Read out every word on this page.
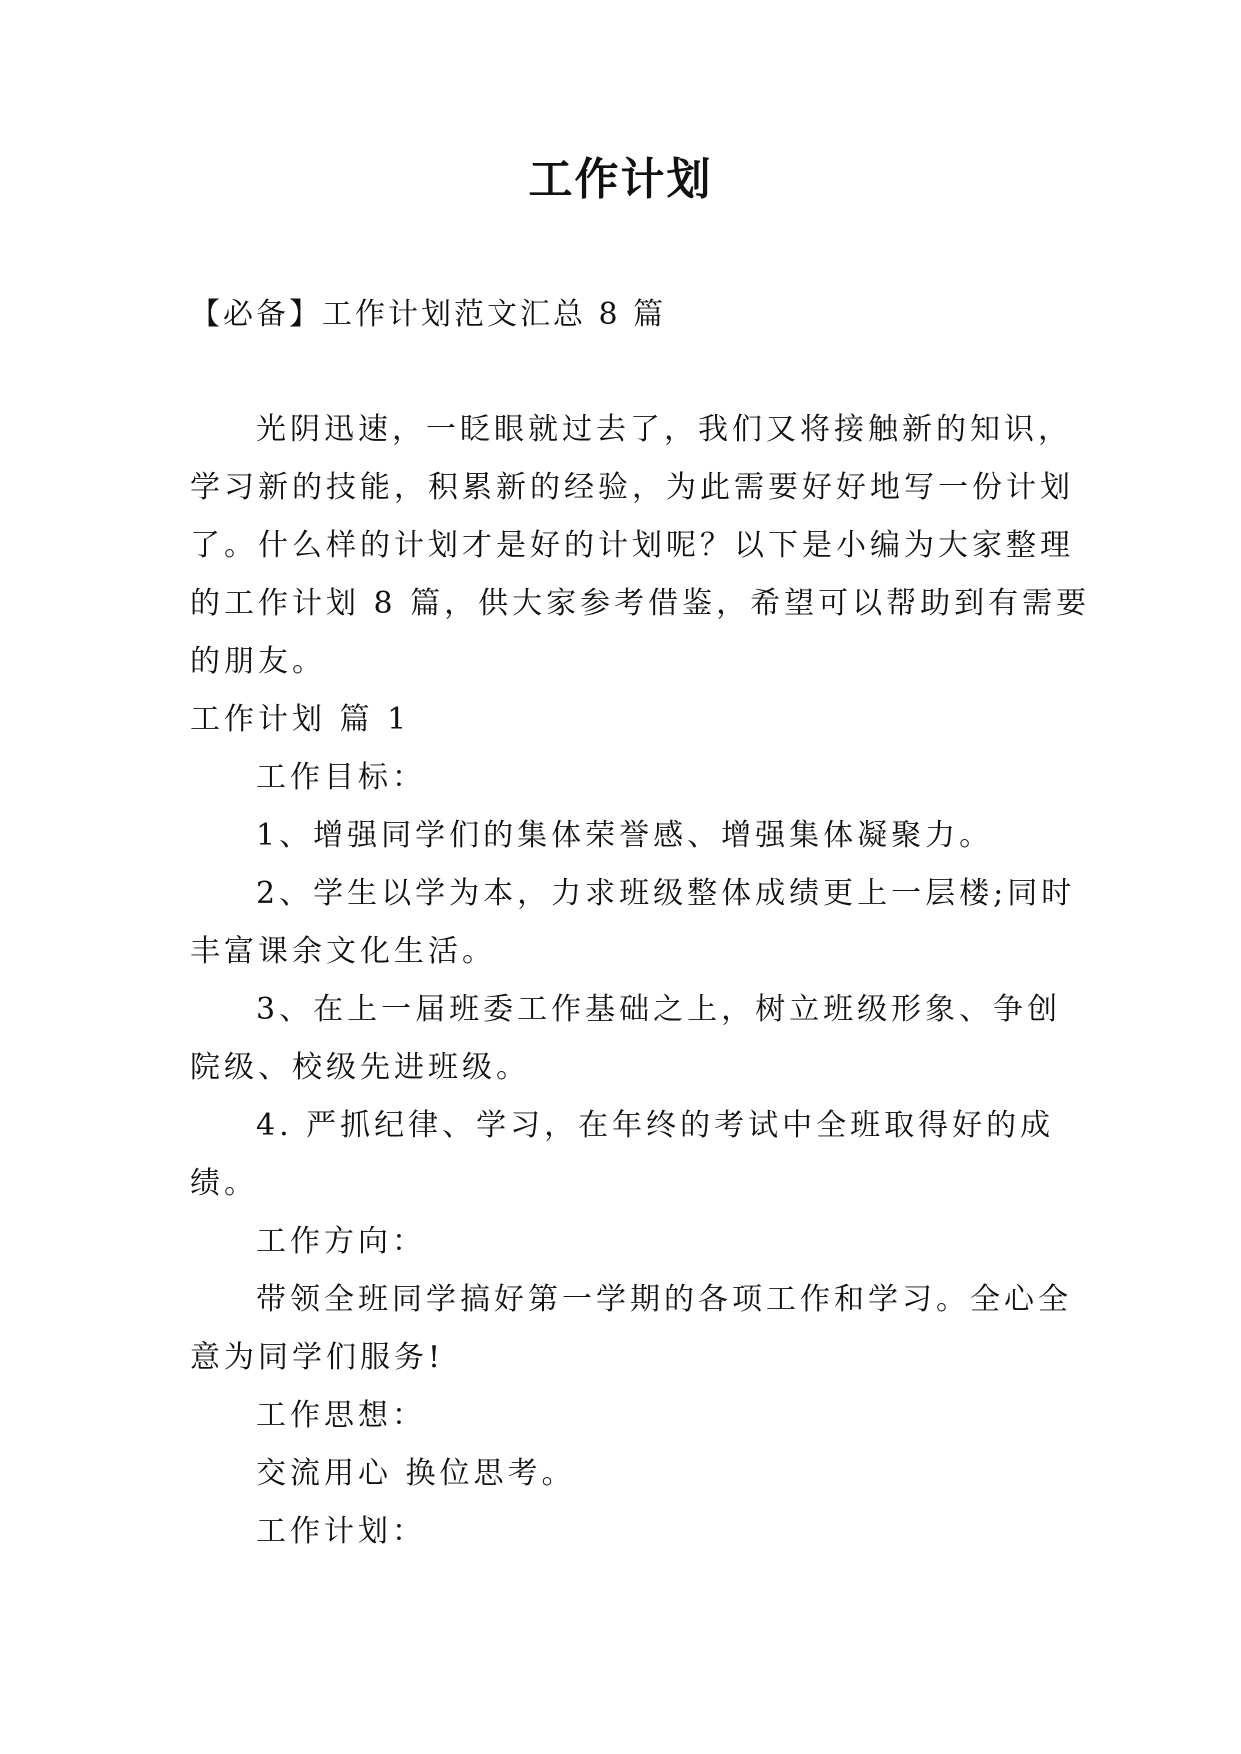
工作计划
【必备】工作计划范文汇总 8 篇
光阴迅速，一眨眼就过去了，我们又将接触新的知识，
学习新的技能，积累新的经验，为此需要好好地写一份计划
了。什么样的计划才是好的计划呢？以下是小编为大家整理
的工作计划 8 篇，供大家参考借鉴，希望可以帮助到有需要
的朋友。
工作计划 篇 1
工作目标：
1、增强同学们的集体荣誉感、增强集体凝聚力。
2、学生以学为本，力求班级整体成绩更上一层楼;同时
丰富课余文化生活。
3、在上一届班委工作基础之上，树立班级形象、争创
院级、校级先进班级。
4. 严抓纪律、学习，在年终的考试中全班取得好的成
绩。
工作方向：
带领全班同学搞好第一学期的各项工作和学习。全心全
意为同学们服务!
工作思想：
交流用心 换位思考。
工作计划：
